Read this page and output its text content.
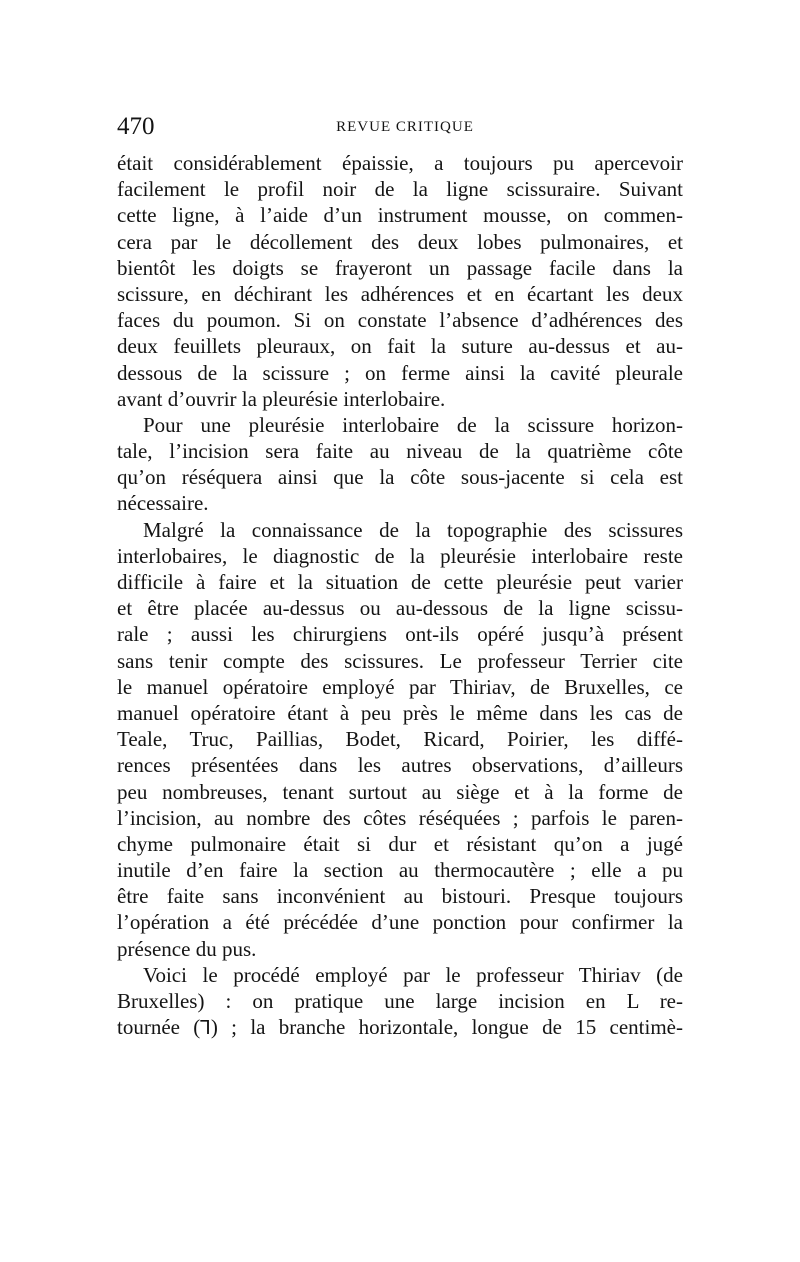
470	REVUE CRITIQUE
était considérablement épaissie, a toujours pu apercevoir
facilement le profil noir de la ligne scissuraire. Suivant
cette ligne, à l’aide d’un instrument mousse, on commen-
cera par le décollement des deux lobes pulmonaires, et
bientôt les doigts se frayeront un passage facile dans la
scissure, en déchirant les adhérences et en écartant les deux
faces du poumon. Si on constate l’absence d’adhérences des
deux feuillets pleuraux, on fait la suture au-dessus et au-
dessous de la scissure ; on ferme ainsi la cavité pleurale
avant d’ouvrir la pleurésie interlobaire.
Pour une pleurésie interlobaire de la scissure horizon-
tale, l’incision sera faite au niveau de la quatrième côte
qu’on réséquera ainsi que la côte sous-jacente si cela est
nécessaire.
Malgré la connaissance de la topographie des scissures
interlobaires, le diagnostic de la pleurésie interlobaire reste
difficile à faire et la situation de cette pleurésie peut varier
et être placée au-dessus ou au-dessous de la ligne scissu-
rale ; aussi les chirurgiens ont-ils opéré jusqu’à présent
sans tenir compte des scissures. Le professeur Terrier cite
le manuel opératoire employé par Thiriav, de Bruxelles, ce
manuel opératoire étant à peu près le même dans les cas de
Teale, Truc, Paillias, Bodet, Ricard, Poirier, les diffé-
rences présentées dans les autres observations, d’ailleurs
peu nombreuses, tenant surtout au siège et à la forme de
l’incision, au nombre des côtes réséquées ; parfois le paren-
chyme pulmonaire était si dur et résistant qu’on a jugé
inutile d’en faire la section au thermocautère ; elle a pu
être faite sans inconvénient au bistouri. Presque toujours
l’opération a été précédée d’une ponction pour confirmer la
présence du pus.
Voici le procédé employé par le professeur Thiriav (de
Bruxelles) : on pratique une large incision en L re-
tournée (ꓶ) ; la branche horizontale, longue de 15 centimè-
